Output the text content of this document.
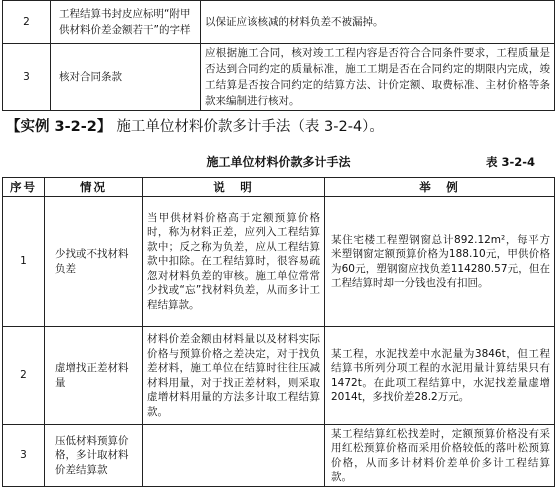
2	工程结算书封皮应标明“附甲供材料价差金额若干”的字样	以保证应该核减的材料负差不被漏掉。
3	核对合同条款	应根据施工合同，核对竣工工程内容是否符合合同条件要求，工程质量是否达到合同约定的质量标准，施工工期是否在合同约定的期限内完成，竣工结算是否按合同约定的结算方法、计价定额、取费标准、主材价格等条款来编制进行核对。
【实例 3-2-2】 施工单位材料价款多计手法（表 3-2-4）。
施工单位材料价款多计手法	表 3-2-4
序号	情况	说　明	举　例
1	少找或不找材料负差	当甲供材料价格高于定额预算价格时，称为材料正差，应列入工程结算款中；反之称为负差，应从工程结算款中扣除。在工程结算时，很容易疏忽对材料负差的审核。施工单位常常少找或“忘”找材料负差，从而多计工程结算款。	某住宅楼工程塑钢窗总计892.12m²，每平方米塑钢窗定额预算价格为188.10元，甲供价格为60元，塑钢窗应找负差114280.57元，但在工程结算时却一分钱也没有扣回。
2	虚增找正差材料量	材料价差金额由材料量以及材料实际价格与预算价格之差决定，对于找负差材料，施工单位在结算时往往压减材料用量，对于找正差材料，则采取虚增材料用量的方法多计取工程结算款。	某工程，水泥找差中水泥量为3846t，但工程结算书所列分项工程的水泥用量计算结果只有1472t。在此项工程结算中，水泥找差量虚增2014t，多找价差28.2万元。
3	压低材料预算价格，多计取材料价差结算款		某工程结算红松找差时，定额预算价格没有采用红松预算价格而采用价格较低的落叶松预算价格，从而多计材料价差单价多计工程结算款。
